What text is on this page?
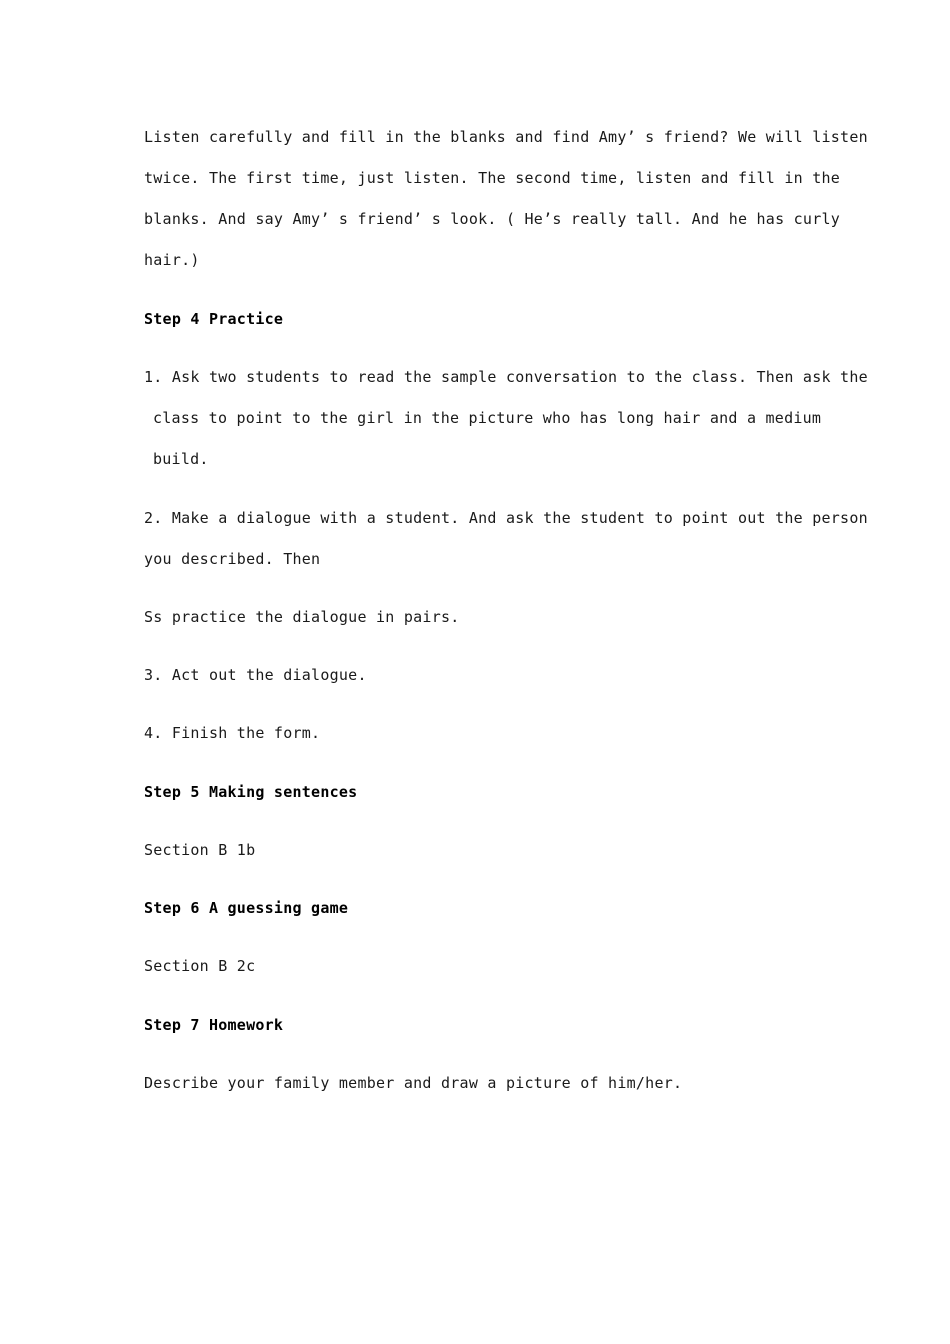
Listen carefully and fill in the blanks and find Amy’ s friend? We will listen
twice. The first time, just listen. The second time, listen and fill in the
blanks. And say Amy’ s friend’ s look. ( He’s really tall. And he has curly
hair.)
Step 4 Practice
1. Ask two students to read the sample conversation to the class. Then ask the
class to point to the girl in the picture who has long hair and a medium
build.
2. Make a dialogue with a student. And ask the student to point out the person
you described. Then
Ss practice the dialogue in pairs.
3. Act out the dialogue.
4. Finish the form.
Step 5 Making sentences
Section B 1b
Step 6 A guessing game
Section B 2c
Step 7 Homework
Describe your family member and draw a picture of him/her.
